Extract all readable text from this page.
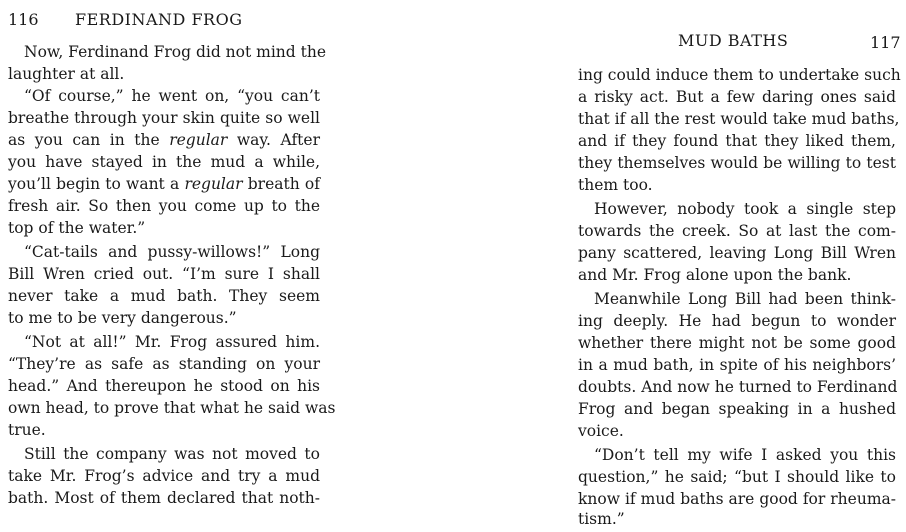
116 FERDINAND FROG
Now, Ferdinand Frog did not mind the
laughter at all.
“Of course,” he went on, “you can’t
breathe through your skin quite so well
as you can in the regular way. After
you have stayed in the mud a while,
you’ll begin to want a regular breath of
fresh air. So then you come up to the
top of the water.”
“Cat-tails and pussy-willows!” Long
Bill Wren cried out. “I’m sure I shall
never take a mud bath. They seem
to me to be very dangerous.”
“Not at all!” Mr. Frog assured him.
“They’re as safe as standing on your
head.” And thereupon he stood on his
own head, to prove that what he said was
true.
Still the company was not moved to
take Mr. Frog’s advice and try a mud
bath. Most of them declared that noth-
MUD BATHS	117
ing could induce them to undertake such
a risky act. But a few daring ones said
that if all the rest would take mud baths,
and if they found that they liked them,
they themselves would be willing to test
them too.
However, nobody took a single step
towards the creek. So at last the com-
pany scattered, leaving Long Bill Wren
and Mr. Frog alone upon the bank.
Meanwhile Long Bill had been think-
ing deeply. He had begun to wonder
whether there might not be some good
in a mud bath, in spite of his neighbors’
doubts. And now he turned to Ferdinand
Frog and began speaking in a hushed
voice.
“Don’t tell my wife I asked you this
question,” he said; “but I should like to
know if mud baths are good for rheuma-
tism.”
